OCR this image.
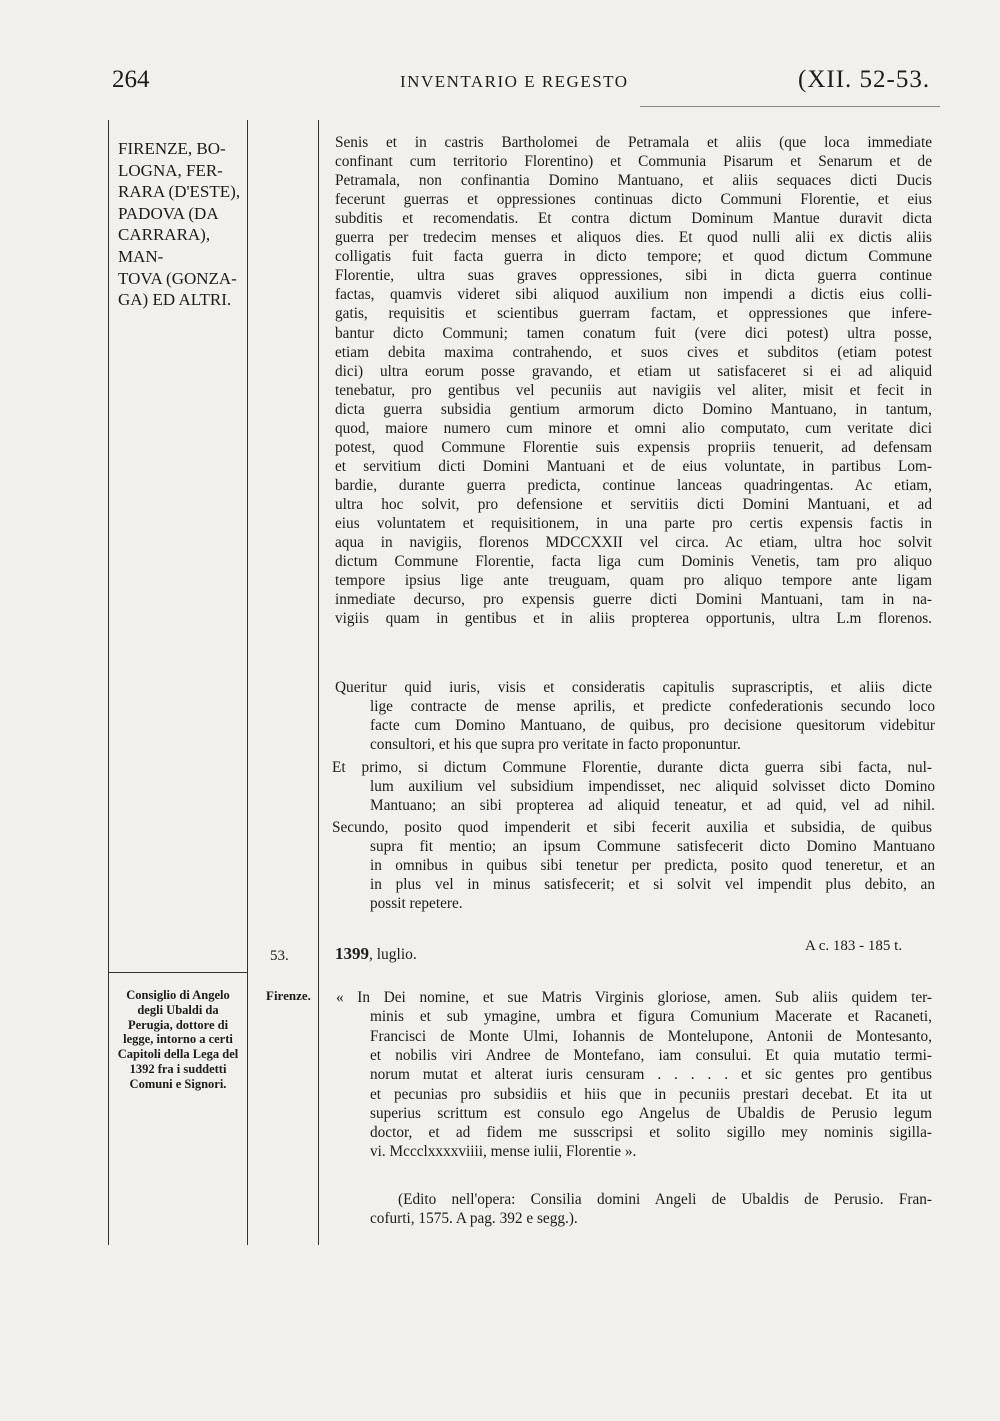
264	INVENTARIO E REGESTO	(XII. 52-53.
FIRENZE, BO-
LOGNA, FER-
RARA (D'ESTE),
PADOVA (DA
CARRARA), MAN-
TOVA (GONZA-
GA) ED ALTRI.
Senis et in castris Bartholomei de Petramala et aliis (que loca immediate
confinant cum territorio Florentino) et Communia Pisarum et Senarum et de
Petramala, non confinantia Domino Mantuano, et aliis sequaces dicti Ducis
fecerunt guerras et oppressiones continuas dicto Communi Florentie, et eius
subditis et recomendatis. Et contra dictum Dominum Mantue duravit dicta
guerra per tredecim menses et aliquos dies. Et quod nulli alii ex dictis aliis
colligatis fuit facta guerra in dicto tempore; et quod dictum Commune
Florentie, ultra suas graves oppressiones, sibi in dicta guerra continue
factas, quamvis videret sibi aliquod auxilium non impendi a dictis eius colli-
gatis, requisitis et scientibus guerram factam, et oppressiones que infere-
bantur dicto Communi; tamen conatum fuit (vere dici potest) ultra posse,
etiam debita maxima contrahendo, et suos cives et subditos (etiam potest
dici) ultra eorum posse gravando, et etiam ut satisfaceret si ei ad aliquid
tenebatur, pro gentibus vel pecuniis aut navigiis vel aliter, misit et fecit in
dicta guerra subsidia gentium armorum dicto Domino Mantuano, in tantum,
quod, maiore numero cum minore et omni alio computato, cum veritate dici
potest, quod Commune Florentie suis expensis propriis tenuerit, ad defensam
et servitium dicti Domini Mantuani et de eius voluntate, in partibus Lom-
bardie, durante guerra predicta, continue lanceas quadringentas. Ac etiam,
ultra hoc solvit, pro defensione et servitiis dicti Domini Mantuani, et ad
eius voluntatem et requisitionem, in una parte pro certis expensis factis in
aqua in navigiis, florenos MDCCXXII vel circa. Ac etiam, ultra hoc solvit
dictum Commune Florentie, facta liga cum Dominis Venetis, tam pro aliquo
tempore ipsius lige ante treuguam, quam pro aliquo tempore ante ligam
inmediate decurso, pro expensis guerre dicti Domini Mantuani, tam in na-
vigiis quam in gentibus et in aliis propterea opportunis, ultra L.m florenos.
Queritur quid iuris, visis et consideratis capitulis suprascriptis, et aliis dicte
lige contracte de mense aprilis, et predicte confederationis secundo loco
facte cum Domino Mantuano, de quibus, pro decisione quesitorum videbitur
consultori, et his que supra pro veritate in facto proponuntur.
Et primo, si dictum Commune Florentie, durante dicta guerra sibi facta, nul-
lum auxilium vel subsidium impendisset, nec aliquid solvisset dicto Domino
Mantuano; an sibi propterea ad aliquid teneatur, et ad quid, vel ad nihil.
Secundo, posito quod impenderit et sibi fecerit auxilia et subsidia, de quibus
supra fit mentio; an ipsum Commune satisfecerit dicto Domino Mantuano
in omnibus in quibus sibi tenetur per predicta, posito quod teneretur, et an
in plus vel in minus satisfecerit; et si solvit vel impendit plus debito, an
possit repetere.
53.	1399, luglio.	A c. 183 - 185 t.
Firenze.
Consiglio di Angelo degli Ubaldi da Perugia, dottore di legge, intorno a certi Capitoli della Lega del 1392 fra i suddetti Comuni e Signori.
« In Dei nomine, et sue Matris Virginis gloriose, amen. Sub aliis quidem ter-
minis et sub ymagine, umbra et figura Comunium Macerate et Racaneti,
Francisci de Monte Ulmi, Iohannis de Montelupone, Antonii de Montesanto,
et nobilis viri Andree de Montefano, iam consului. Et quia mutatio termi-
norum mutat et alterat iuris censuram . . . . . et sic gentes pro gentibus
et pecunias pro subsidiis et hiis que in pecuniis prestari decebat. Et ita ut
superius scrittum est consulo ego Angelus de Ubaldis de Perusio legum
doctor, et ad fidem me susscripsi et solito sigillo mey nominis sigilla-
vi. Mccclxxxxviiii, mense iulii, Florentie ».
(Edito nell'opera: Consilia domini Angeli de Ubaldis de Perusio. Fran-
cofurti, 1575. A pag. 392 e segg.).
